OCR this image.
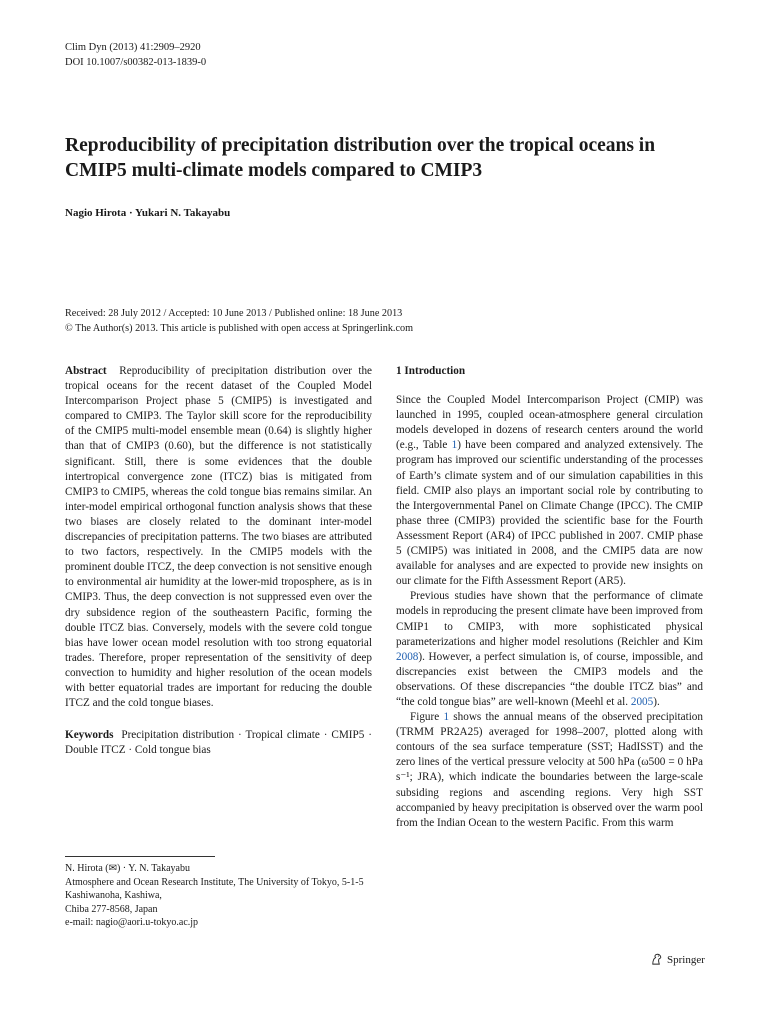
Clim Dyn (2013) 41:2909–2920
DOI 10.1007/s00382-013-1839-0
Reproducibility of precipitation distribution over the tropical oceans in CMIP5 multi-climate models compared to CMIP3
Nagio Hirota · Yukari N. Takayabu
Received: 28 July 2012 / Accepted: 10 June 2013 / Published online: 18 June 2013
© The Author(s) 2013. This article is published with open access at Springerlink.com

Abstract Reproducibility of precipitation distribution over the tropical oceans for the recent dataset of the Coupled Model Intercomparison Project phase 5 (CMIP5) is investigated and compared to CMIP3. The Taylor skill score for the reproducibility of the CMIP5 multi-model ensemble mean (0.64) is slightly higher than that of CMIP3 (0.60), but the difference is not statistically significant. Still, there is some evidences that the double intertropical convergence zone (ITCZ) bias is mitigated from CMIP3 to CMIP5, whereas the cold tongue bias remains similar. An inter-model empirical orthogonal function analysis shows that these two biases are closely related to the dominant inter-model discrepancies of precipitation patterns. The two biases are attributed to two factors, respectively. In the CMIP5 models with the prominent double ITCZ, the deep convection is not sensitive enough to environmental air humidity at the lower-mid troposphere, as is in CMIP3. Thus, the deep convection is not suppressed even over the dry subsidence region of the southeastern Pacific, forming the double ITCZ bias. Conversely, models with the severe cold tongue bias have lower ocean model resolution with too strong equatorial trades. Therefore, proper representation of the sensitivity of deep convection to humidity and higher resolution of the ocean models with better equatorial trades are important for reducing the double ITCZ and the cold tongue biases.

Keywords Precipitation distribution · Tropical climate · CMIP5 · Double ITCZ · Cold tongue bias

N. Hirota (✉) · Y. N. Takayabu
Atmosphere and Ocean Research Institute, The University of Tokyo, 5-1-5 Kashiwanoha, Kashiwa,
Chiba 277-8568, Japan
e-mail: nagio@aori.u-tokyo.ac.jp

1 Introduction

Since the Coupled Model Intercomparison Project (CMIP) was launched in 1995, coupled ocean-atmosphere general circulation models developed in dozens of research centers around the world (e.g., Table 1) have been compared and analyzed extensively. The program has improved our scientific understanding of the processes of Earth’s climate system and of our simulation capabilities in this field. CMIP also plays an important social role by contributing to the Intergovernmental Panel on Climate Change (IPCC). The CMIP phase three (CMIP3) provided the scientific base for the Fourth Assessment Report (AR4) of IPCC published in 2007. CMIP phase 5 (CMIP5) was initiated in 2008, and the CMIP5 data are now available for analyses and are expected to provide new insights on our climate for the Fifth Assessment Report (AR5).

Previous studies have shown that the performance of climate models in reproducing the present climate have been improved from CMIP1 to CMIP3, with more sophisticated physical parameterizations and higher model resolutions (Reichler and Kim 2008). However, a perfect simulation is, of course, impossible, and discrepancies exist between the CMIP3 models and the observations. Of these discrepancies “the double ITCZ bias” and “the cold tongue bias” are well-known (Meehl et al. 2005).

Figure 1 shows the annual means of the observed precipitation (TRMM PR2A25) averaged for 1998–2007, plotted along with contours of the sea surface temperature (SST; HadISST) and the zero lines of the vertical pressure velocity at 500 hPa (ω500 = 0 hPa s⁻¹; JRA), which indicate the boundaries between the large-scale subsiding regions and ascending regions. Very high SST accompanied by heavy precipitation is observed over the warm pool from the Indian Ocean to the western Pacific. From this warm

Springer
